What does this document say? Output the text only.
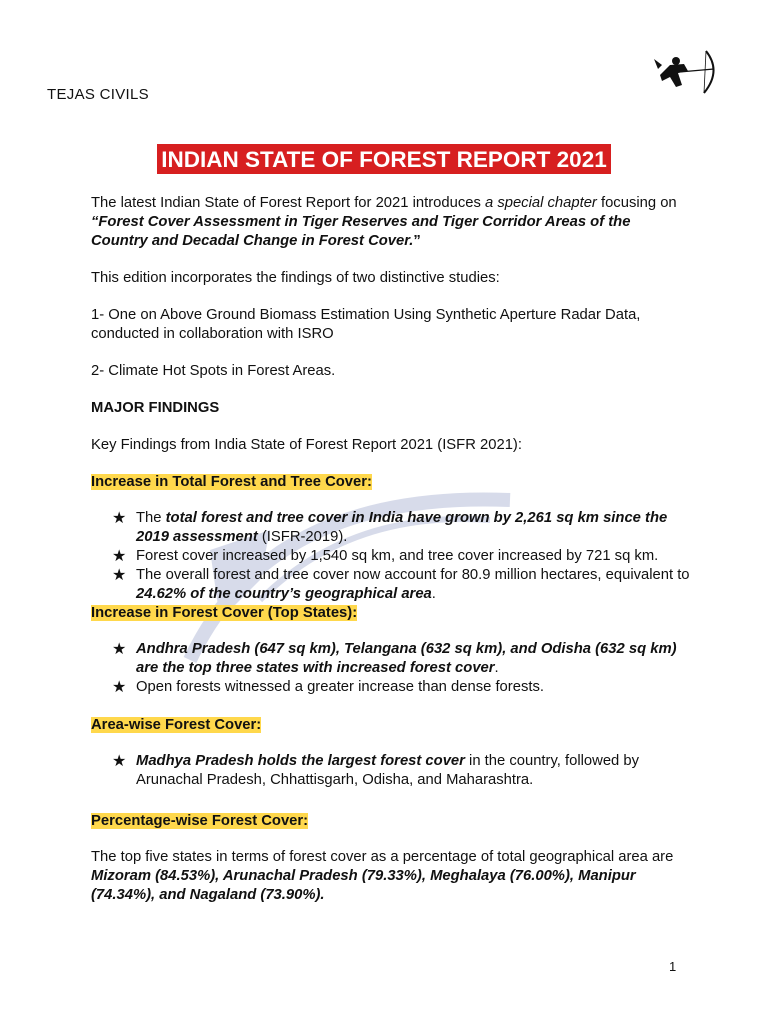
TEJAS CIVILS
INDIAN STATE OF FOREST REPORT 2021

The latest Indian State of Forest Report for 2021 introduces a special chapter focusing on “Forest Cover Assessment in Tiger Reserves and Tiger Corridor Areas of the Country and Decadal Change in Forest Cover.”

This edition incorporates the findings of two distinctive studies:

1- One on Above Ground Biomass Estimation Using Synthetic Aperture Radar Data, conducted in collaboration with ISRO

2- Climate Hot Spots in Forest Areas.

MAJOR FINDINGS

Key Findings from India State of Forest Report 2021 (ISFR 2021):

Increase in Total Forest and Tree Cover:

★ The total forest and tree cover in India have grown by 2,261 sq km since the 2019 assessment (ISFR-2019).
★ Forest cover increased by 1,540 sq km, and tree cover increased by 721 sq km.
★ The overall forest and tree cover now account for 80.9 million hectares, equivalent to 24.62% of the country’s geographical area.

Increase in Forest Cover (Top States):

★ Andhra Pradesh (647 sq km), Telangana (632 sq km), and Odisha (632 sq km) are the top three states with increased forest cover.
★ Open forests witnessed a greater increase than dense forests.

Area-wise Forest Cover:

★ Madhya Pradesh holds the largest forest cover in the country, followed by Arunachal Pradesh, Chhattisgarh, Odisha, and Maharashtra.

Percentage-wise Forest Cover:

The top five states in terms of forest cover as a percentage of total geographical area are Mizoram (84.53%), Arunachal Pradesh (79.33%), Meghalaya (76.00%), Manipur (74.34%), and Nagaland (73.90%).

1
